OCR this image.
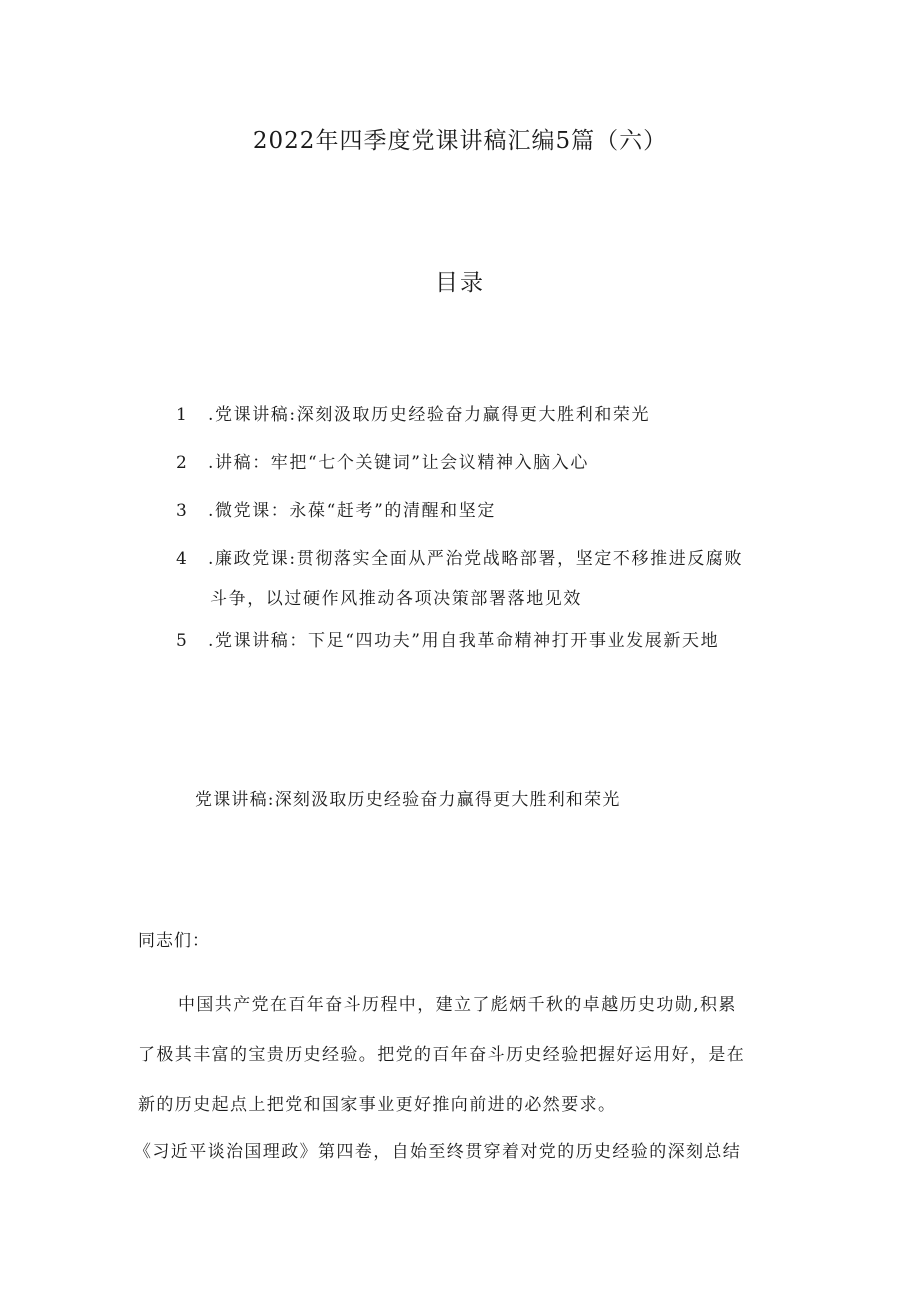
2022年四季度党课讲稿汇编5篇（六）
目录
1 .党课讲稿:深刻汲取历史经验奋力赢得更大胜利和荣光
2 .讲稿：牢把“七个关键词”让会议精神入脑入心
3 .微党课：永葆“赶考”的清醒和坚定
4 .廉政党课:贯彻落实全面从严治党战略部署，坚定不移推进反腐败
斗争，以过硬作风推动各项决策部署落地见效
5 .党课讲稿：下足“四功夫”用自我革命精神打开事业发展新天地
党课讲稿:深刻汲取历史经验奋力赢得更大胜利和荣光
同志们：
中国共产党在百年奋斗历程中，建立了彪炳千秋的卓越历史功勋,积累
了极其丰富的宝贵历史经验。把党的百年奋斗历史经验把握好运用好，是在
新的历史起点上把党和国家事业更好推向前进的必然要求。
《习近平谈治国理政》第四卷，自始至终贯穿着对党的历史经验的深刻总结
